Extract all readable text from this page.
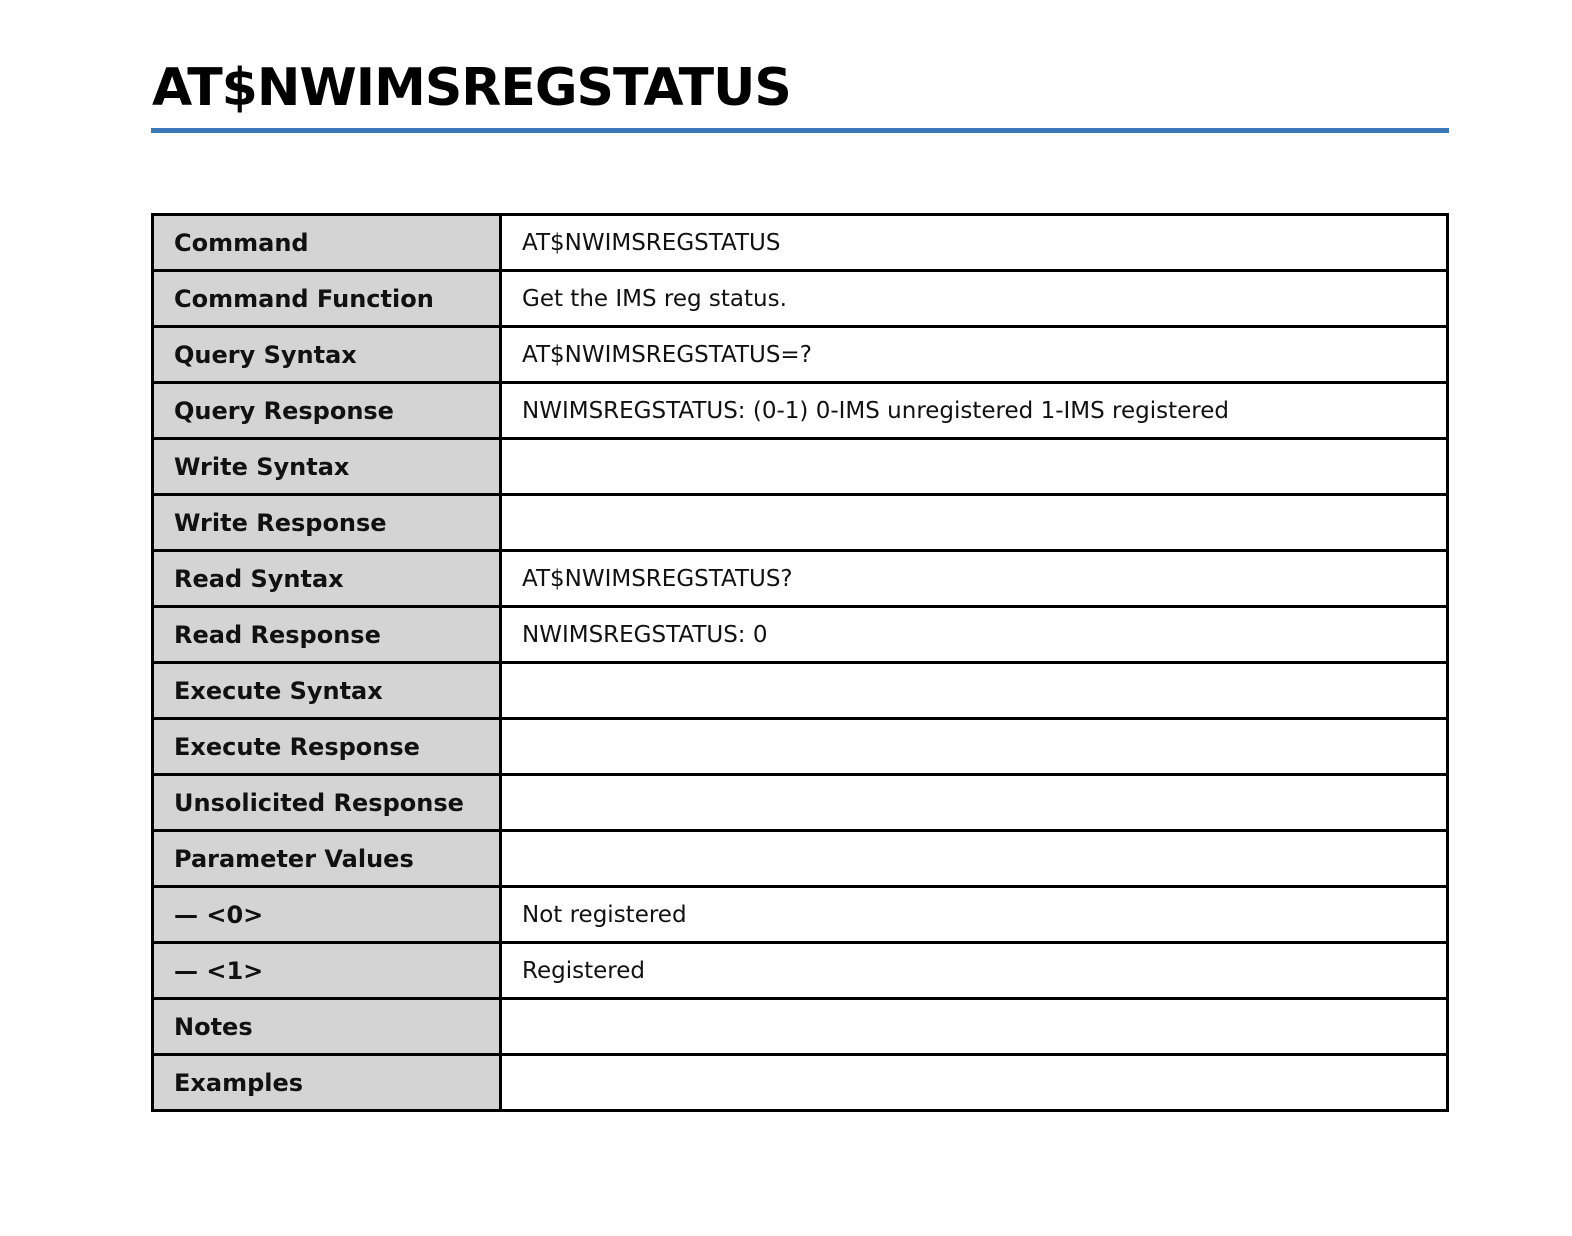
AT$NWIMSREGSTATUS
Command	AT$NWIMSREGSTATUS
Command Function	Get the IMS reg status.
Query Syntax	AT$NWIMSREGSTATUS=?
Query Response	NWIMSREGSTATUS: (0-1) 0-IMS unregistered 1-IMS registered
Write Syntax	
Write Response	
Read Syntax	AT$NWIMSREGSTATUS?
Read Response	NWIMSREGSTATUS: 0
Execute Syntax	
Execute Response	
Unsolicited Response	
Parameter Values	
— <0>	Not registered
— <1>	Registered
Notes	
Examples	
